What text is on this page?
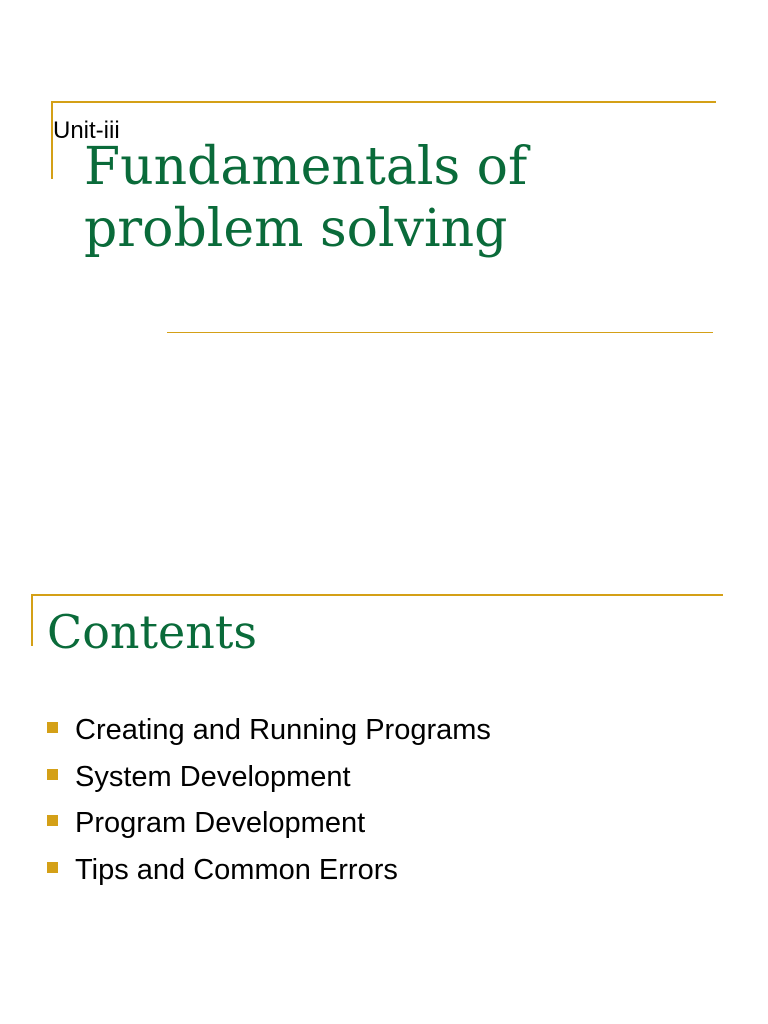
Unit-iii
Fundamentals of
problem solving
Contents
Creating and Running Programs
System Development
Program Development
Tips and Common Errors
